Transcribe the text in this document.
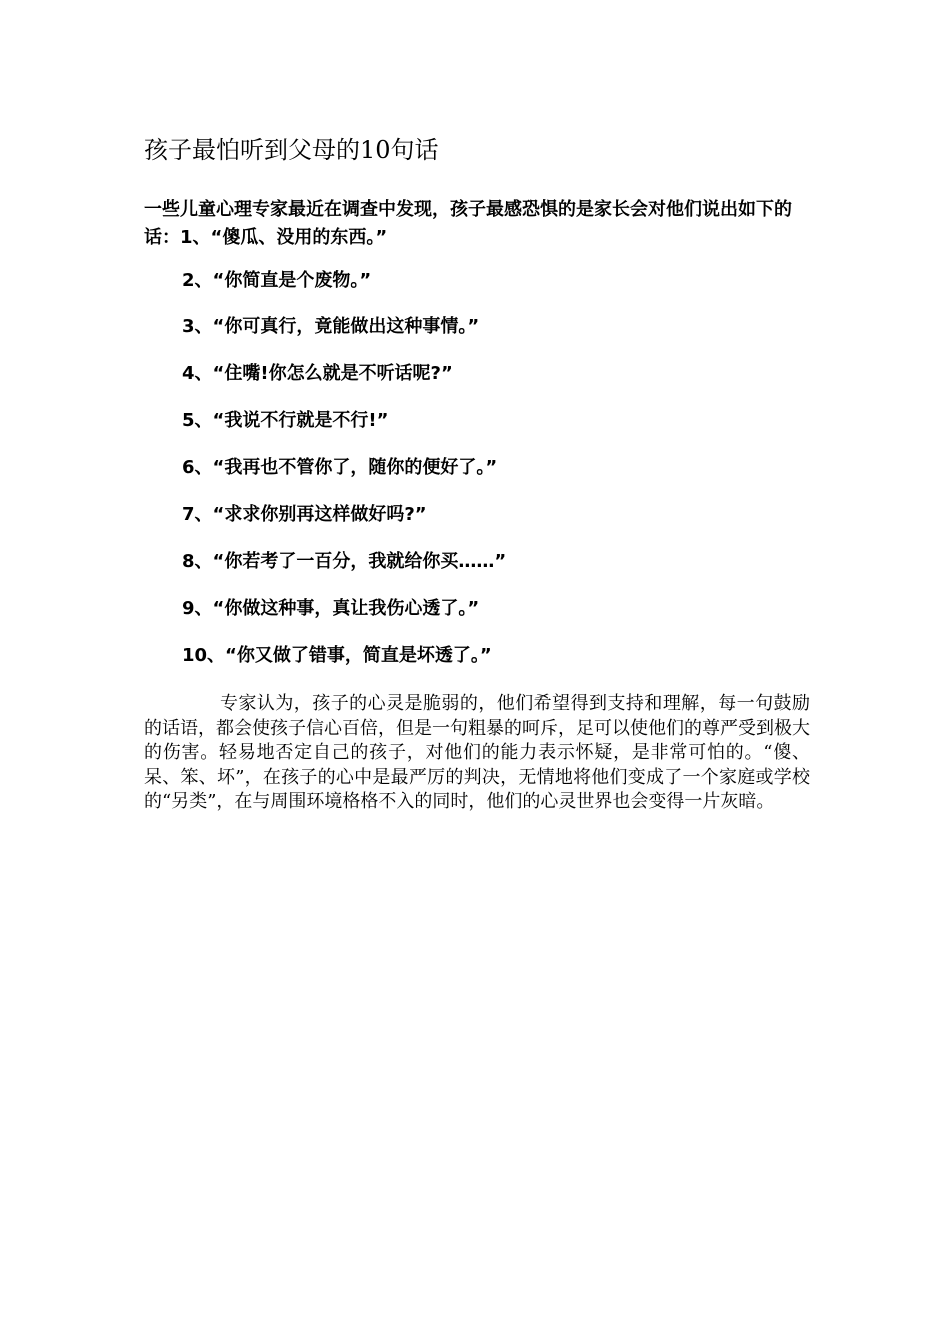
孩子最怕听到父母的10句话
一些儿童心理专家最近在调查中发现，孩子最感恐惧的是家长会对他们说出如下的话：1、“傻瓜、没用的东西。”
2、“你简直是个废物。”
3、“你可真行，竟能做出这种事情。”
4、“住嘴!你怎么就是不听话呢?”
5、“我说不行就是不行!”
6、“我再也不管你了，随你的便好了。”
7、“求求你别再这样做好吗?”
8、“你若考了一百分，我就给你买……”
9、“你做这种事，真让我伤心透了。”
10、“你又做了错事，简直是坏透了。”
专家认为，孩子的心灵是脆弱的，他们希望得到支持和理解，每一句鼓励的话语，都会使孩子信心百倍，但是一句粗暴的呵斥，足可以使他们的尊严受到极大的伤害。轻易地否定自己的孩子，对他们的能力表示怀疑，是非常可怕的。“傻、呆、笨、坏”，在孩子的心中是最严厉的判决，无情地将他们变成了一个家庭或学校的“另类”，在与周围环境格格不入的同时，他们的心灵世界也会变得一片灰暗。
